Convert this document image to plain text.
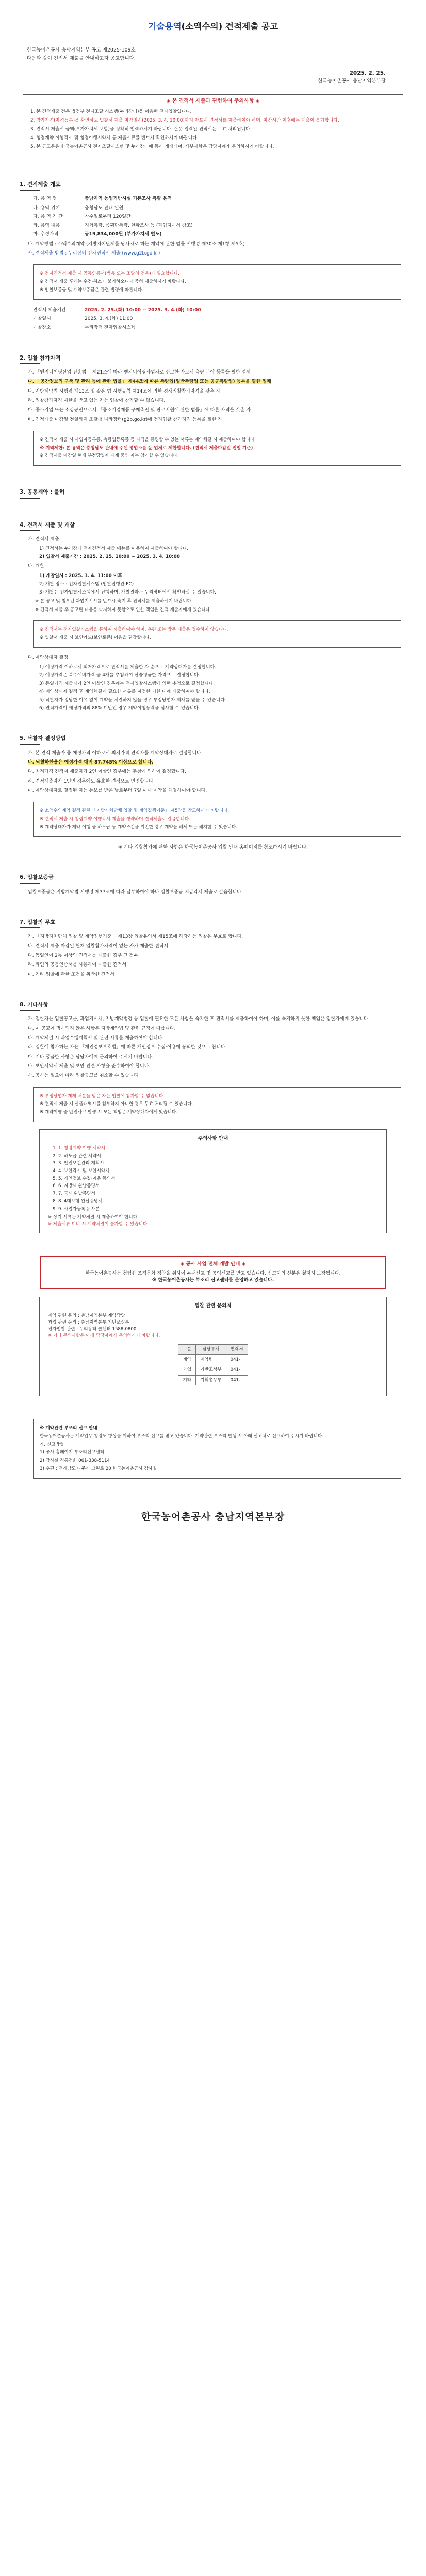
기술용역(소액수의) 견적제출 공고
한국농어촌공사 충남지역본부 공고 제2025-109호
다음과 같이 견적서 제출을 안내하고자 공고합니다.
2025. 2. 25.
한국농어촌공사 충남지역본부장
◈ 본 견적서 제출과 관련하여 주의사항 ◈
1. 본 견적제출 건은 법정부 전자조달 시스템(누리장터)을 이용한 전자입찰입니다.
2. 참가자격(자격등록)을 확인하고 입찰서 제출 마감일시(2025. 3. 4. 10:00)까지 반드시 견적서를 제출하여야 하며, 마감시간 이후에는 제출이 불가합니다.
3. 견적서 제출시 금액(부가가치세 포함)을 정확히 입력하시기 바랍니다. 잘못 입력된 견적서는 무효 처리됩니다.
4. 청렴계약 이행각서 및 청렴이행서약서 등 제출서류를 반드시 확인하시기 바랍니다.
5. 본 공고문은 한국농어촌공사 전자조달시스템 및 누리장터에 동시 게재되며, 세부사항은 담당자에게 문의하시기 바랍니다.
1. 견적제출 개요
가. 용 역 명	:	충남지역 농업기반시설 기본조사 측량 용역
나. 용역 위치	:	충청남도 관내 일원
다. 용 역 기 간	:	착수일로부터 120일간
라. 용역 내용	:	지형측량, 종횡단측량, 현황조사 등 (과업지시서 참조)
마. 추정가격	:	금19,834,000원 (부가가치세 별도)
바. 계약방법 : 소액수의계약 (지방자치단체를 당사자로 하는 계약에 관한 법률 시행령 제30조 제1항 제5호)
사. 견적제출 방법 : 누리장터 전자견적서 제출 (www.g2b.go.kr)
※ 전자견적서 제출 시 공동인증서(범용 또는 조달청 전용)가 필요합니다.
※ 견적서 제출 후에는 수정·취소가 불가하오니 신중히 제출하시기 바랍니다.
※ 입찰보증금 및 계약보증금은 관련 법령에 따릅니다.
견적서 제출기간	:	2025. 2. 25.(화) 10:00 ~ 2025. 3. 4.(화) 10:00
개찰일시	:	2025. 3. 4.(화) 11:00
개찰장소	:	누리장터 전자입찰시스템
2. 입찰 참가자격
가. 「엔지니어링산업 진흥법」 제21조에 따라 엔지니어링사업자로 신고한 자로서 측량 분야 등록을 필한 업체
나. 「공간정보의 구축 및 관리 등에 관한 법률」 제44조에 따른 측량업(일반측량업 또는 공공측량업) 등록을 필한 업체
다. 지방계약법 시행령 제13조 및 같은 법 시행규칙 제14조에 의한 경쟁입찰참가자격을 갖춘 자
라. 입찰참가자격 제한을 받고 있는 자는 입찰에 참가할 수 없습니다.
마. 중소기업 또는 소상공인으로서 「중소기업제품 구매촉진 및 판로지원에 관한 법률」에 따른 자격을 갖춘 자
바. 견적제출 마감일 전일까지 조달청 나라장터(g2b.go.kr)에 전자입찰 참가자격 등록을 필한 자
※ 견적서 제출 시 사업자등록증, 측량업등록증 등 자격을 증명할 수 있는 서류는 계약체결 시 제출하여야 합니다.
※ 지역제한: 본 용역은 충청남도 관내에 주된 영업소를 둔 업체로 제한합니다. (견적서 제출마감일 전일 기준)
※ 견적제출 마감일 현재 부정당업자 제재 중인 자는 참가할 수 없습니다.
3. 공동계약 : 불허
4. 견적서 제출 및 개찰
가. 견적서 제출
1) 견적서는 누리장터 전자견적서 제출 메뉴를 이용하여 제출하여야 합니다.
2) 입찰서 제출기간 : 2025. 2. 25. 10:00 ~ 2025. 3. 4. 10:00
나. 개찰
1) 개찰일시 : 2025. 3. 4. 11:00 이후
2) 개찰 장소 : 전자입찰시스템 (입찰집행관 PC)
3) 개찰은 전자입찰시스템에서 진행하며, 개찰결과는 누리장터에서 확인하실 수 있습니다.
※ 본 공고 및 첨부된 과업지시서를 반드시 숙지 후 견적서를 제출하시기 바랍니다.
※ 견적서 제출 후 공고된 내용을 숙지하지 못함으로 인한 책임은 견적 제출자에게 있습니다.
※ 견적서는 전자입찰시스템을 통하여 제출하여야 하며, 우편 또는 방문 제출은 접수하지 않습니다.
※ 입찰서 제출 시 보안카드(보안토큰) 이용을 권장합니다.
다. 계약상대자 결정
1) 예정가격 이하로서 최저가격으로 견적서를 제출한 자 순으로 계약상대자를 결정합니다.
2) 예정가격은 복수예비가격 중 4개를 추첨하여 산술평균한 가격으로 결정합니다.
3) 동일가격 제출자가 2인 이상인 경우에는 전자입찰시스템에 의한 추첨으로 결정합니다.
4) 계약상대자 결정 후 계약체결에 필요한 서류를 지정한 기한 내에 제출하여야 합니다.
5) 낙찰자가 정당한 이유 없이 계약을 체결하지 않을 경우 부정당업자 제재를 받을 수 있습니다.
6) 견적가격이 예정가격의 88% 미만인 경우 계약이행능력을 심사할 수 있습니다.
5. 낙찰자 결정방법
가. 본 견적 제출자 중 예정가격 이하로서 최저가격 견적자를 계약상대자로 결정합니다.
나. 낙찰하한율은 예정가격 대비 87.745% 이상으로 합니다.
다. 최저가격 견적서 제출자가 2인 이상인 경우에는 추첨에 의하여 결정합니다.
라. 견적제출자가 1인인 경우에도 유효한 견적으로 인정합니다.
마. 계약상대자로 결정된 자는 통보를 받은 날로부터 7일 이내 계약을 체결하여야 합니다.
※ 소액수의계약 결정 관련 「지방자치단체 입찰 및 계약집행기준」 제5장을 참고하시기 바랍니다.
※ 견적서 제출 시 청렴계약 이행각서 제출을 생략하며 견적제출로 갈음합니다.
※ 계약상대자가 계약 이행 중 하도급 등 계약조건을 위반한 경우 계약을 해제 또는 해지할 수 있습니다.
※ 기타 입찰참가에 관한 사항은 한국농어촌공사 입찰 안내 홈페이지를 참조하시기 바랍니다.
6. 입찰보증금
입찰보증금은 지방계약법 시행령 제37조에 따라 납부하여야 하나 입찰보증금 지급각서 제출로 갈음합니다.
7. 입찰의 무효
가. 「지방자치단체 입찰 및 계약집행기준」 제13장 입찰유의서 제15조에 해당하는 입찰은 무효로 합니다.
나. 견적서 제출 마감일 현재 입찰참가자격이 없는 자가 제출한 견적서
다. 동일인이 2통 이상의 견적서를 제출한 경우 그 전부
라. 타인의 공동인증서를 사용하여 제출한 견적서
마. 기타 입찰에 관한 조건을 위반한 견적서
8. 기타사항
가. 입찰자는 입찰공고문, 과업지시서, 지방계약법령 등 입찰에 필요한 모든 사항을 숙지한 후 견적서를 제출하여야 하며, 이를 숙지하지 못한 책임은 입찰자에게 있습니다.
나. 이 공고에 명시되지 않은 사항은 지방계약법 및 관련 규정에 따릅니다.
다. 계약체결 시 과업수행계획서 및 관련 서류를 제출하여야 합니다.
라. 입찰에 참가하는 자는 「개인정보보호법」에 따른 개인정보 수집·이용에 동의한 것으로 봅니다.
마. 기타 궁금한 사항은 담당자에게 문의하여 주시기 바랍니다.
바. 보안서약서 제출 및 보안 관련 사항을 준수하여야 합니다.
사. 공사는 필요에 따라 입찰공고를 취소할 수 있습니다.
※ 부정당업자 제재 처분을 받은 자는 입찰에 참가할 수 없습니다.
※ 견적서 제출 시 산출내역서를 첨부하지 아니한 경우 무효 처리될 수 있습니다.
※ 계약이행 중 안전사고 발생 시 모든 책임은 계약상대자에게 있습니다.
주의사항 안내
1. 1. 청렴계약 이행 서약서
2. 2. 하도급 관련 서약서
3. 3. 안전보건관리 계획서
4. 4. 보안각서 및 보안서약서
5. 5. 개인정보 수집·이용 동의서
6. 6. 지방세 완납증명서
7. 7. 국세 완납증명서
8. 8. 4대보험 완납증명서
9. 9. 사업자등록증 사본
※ 상기 서류는 계약체결 시 제출하여야 합니다.
※ 제출서류 미비 시 계약체결이 불가할 수 있습니다.
◈ 공사 사업 전체 개발 안내 ◈
한국농어촌공사는 청렴한 조직문화 정착을 위하여 부패신고 및 공익신고를 받고 있습니다. 신고자의 신분은 철저히 보장됩니다.
※ 한국농어촌공사는 부조리 신고센터를 운영하고 있습니다.
입찰 관련 문의처
계약 관련 문의 : 충남지역본부 계약담당
과업 관련 문의 : 충남지역본부 기반조성부
전자입찰 관련 : 누리장터 콜센터 1588-0800
※ 기타 문의사항은 아래 담당자에게 문의하시기 바랍니다.
구분	담당부서	연락처
계약	계약팀	041-
과업	기반조성부	041-
기타	기획총무부	041-
※ 계약관련 부조리 신고 안내
한국농어촌공사는 계약업무 청렴도 향상을 위하여 부조리 신고를 받고 있습니다. 계약관련 부조리 발생 시 아래 신고처로 신고하여 주시기 바랍니다.
가. 신고방법
1) 공사 홈페이지 부조리신고센터
2) 감사실 직통전화 061-338-5114
3) 우편 : 전라남도 나주시 그린로 20 한국농어촌공사 감사실
한국농어촌공사 충남지역본부장
